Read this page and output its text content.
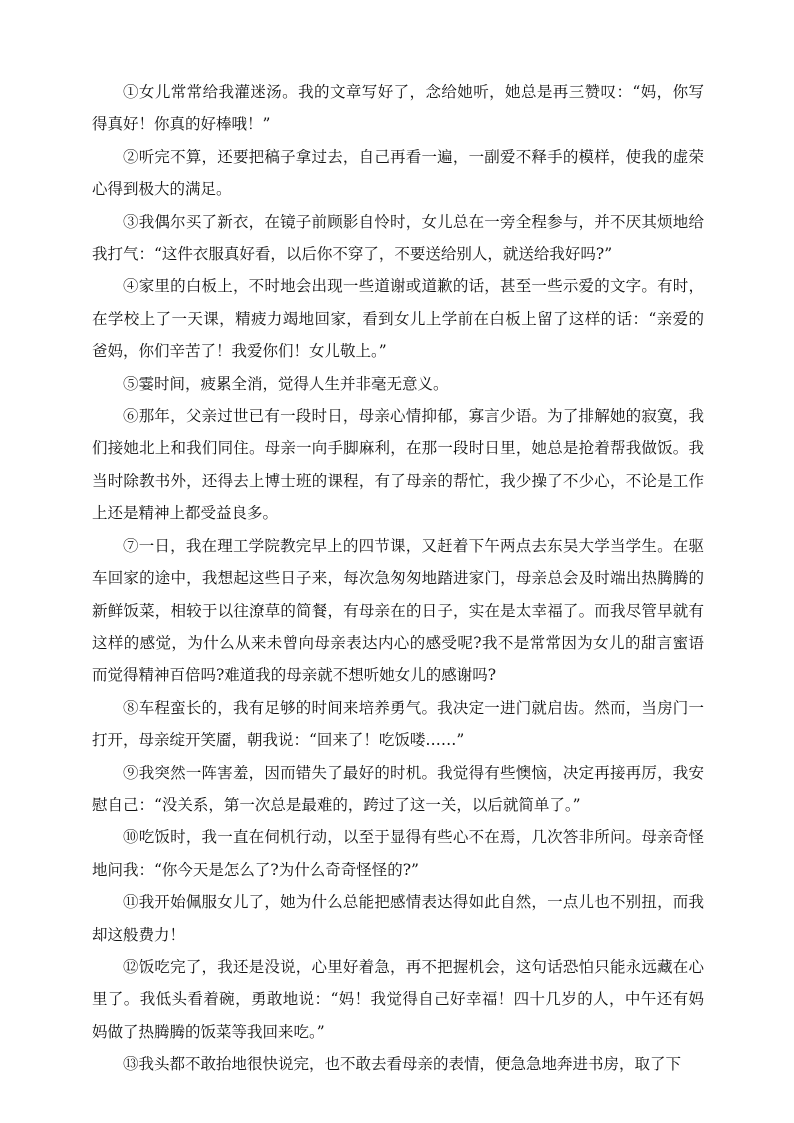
①女儿常常给我灌迷汤。我的文章写好了，念给她听，她总是再三赞叹：“妈，你写得真好！你真的好棒哦！”

②听完不算，还要把稿子拿过去，自己再看一遍，一副爱不释手的模样，使我的虚荣心得到极大的满足。

③我偶尔买了新衣，在镜子前顾影自怜时，女儿总在一旁全程参与，并不厌其烦地给我打气：“这件衣服真好看，以后你不穿了，不要送给别人，就送给我好吗?”

④家里的白板上，不时地会出现一些道谢或道歉的话，甚至一些示爱的文字。有时，在学校上了一天课，精疲力竭地回家，看到女儿上学前在白板上留了这样的话：“亲爱的爸妈，你们辛苦了！我爱你们！女儿敬上。”

⑤霎时间，疲累全消，觉得人生并非毫无意义。

⑥那年，父亲过世已有一段时日，母亲心情抑郁，寡言少语。为了排解她的寂寞，我们接她北上和我们同住。母亲一向手脚麻利，在那一段时日里，她总是抢着帮我做饭。我当时除教书外，还得去上博士班的课程，有了母亲的帮忙，我少操了不少心，不论是工作上还是精神上都受益良多。

⑦一日，我在理工学院教完早上的四节课，又赶着下午两点去东吴大学当学生。在驱车回家的途中，我想起这些日子来，每次急匆匆地踏进家门，母亲总会及时端出热腾腾的新鲜饭菜，相较于以往潦草的简餐，有母亲在的日子，实在是太幸福了。而我尽管早就有这样的感觉，为什么从来未曾向母亲表达内心的感受呢?我不是常常因为女儿的甜言蜜语而觉得精神百倍吗?难道我的母亲就不想听她女儿的感谢吗?

⑧车程蛮长的，我有足够的时间来培养勇气。我决定一进门就启齿。然而，当房门一打开，母亲绽开笑靥，朝我说：“回来了！吃饭喽……”

⑨我突然一阵害羞，因而错失了最好的时机。我觉得有些懊恼，决定再接再厉，我安慰自己：“没关系，第一次总是最难的，跨过了这一关，以后就简单了。”

⑩吃饭时，我一直在伺机行动，以至于显得有些心不在焉，几次答非所问。母亲奇怪地问我：“你今天是怎么了?为什么奇奇怪怪的?”

⑪我开始佩服女儿了，她为什么总能把感情表达得如此自然，一点儿也不别扭，而我却这般费力！

⑫饭吃完了，我还是没说，心里好着急，再不把握机会，这句话恐怕只能永远藏在心里了。我低头看着碗，勇敢地说：“妈！我觉得自己好幸福！四十几岁的人，中午还有妈妈做了热腾腾的饭菜等我回来吃。”

⑬我头都不敢抬地很快说完，也不敢去看母亲的表情，便急急地奔进书房，取了下
